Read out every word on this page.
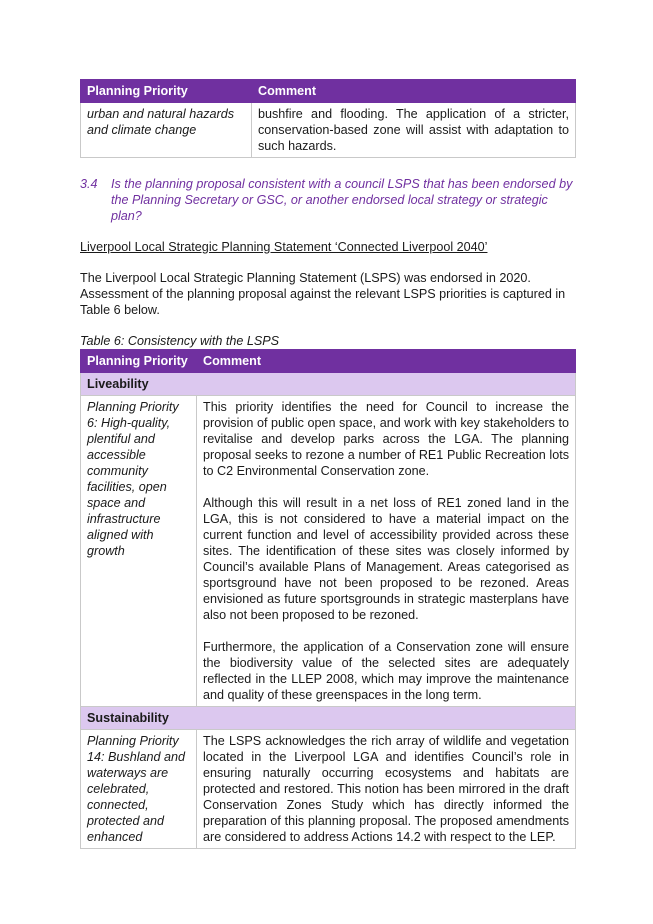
Planning Priority	Comment
urban and natural hazards and climate change	bushfire and flooding. The application of a stricter, conservation-based zone will assist with adaptation to such hazards.
3.4	Is the planning proposal consistent with a council LSPS that has been endorsed by the Planning Secretary or GSC, or another endorsed local strategy or strategic plan?
Liverpool Local Strategic Planning Statement ‘Connected Liverpool 2040’
The Liverpool Local Strategic Planning Statement (LSPS) was endorsed in 2020. Assessment of the planning proposal against the relevant LSPS priorities is captured in Table 6 below.
Table 6: Consistency with the LSPS
Planning Priority	Comment
Liveability	
Planning Priority 6: High-quality, plentiful and accessible community facilities, open space and infrastructure aligned with growth	This priority identifies the need for Council to increase the provision of public open space, and work with key stakeholders to revitalise and develop parks across the LGA. The planning proposal seeks to rezone a number of RE1 Public Recreation lots to C2 Environmental Conservation zone.

Although this will result in a net loss of RE1 zoned land in the LGA, this is not considered to have a material impact on the current function and level of accessibility provided across these sites. The identification of these sites was closely informed by Council’s available Plans of Management. Areas categorised as sportsground have not been proposed to be rezoned. Areas envisioned as future sportsgrounds in strategic masterplans have also not been proposed to be rezoned.

Furthermore, the application of a Conservation zone will ensure the biodiversity value of the selected sites are adequately reflected in the LLEP 2008, which may improve the maintenance and quality of these greenspaces in the long term.

Sustainability	
Planning Priority 14: Bushland and waterways are celebrated, connected, protected and enhanced	The LSPS acknowledges the rich array of wildlife and vegetation located in the Liverpool LGA and identifies Council’s role in ensuring naturally occurring ecosystems and habitats are protected and restored. This notion has been mirrored in the draft Conservation Zones Study which has directly informed the preparation of this planning proposal. The proposed amendments are considered to address Actions 14.2 with respect to the LEP.
